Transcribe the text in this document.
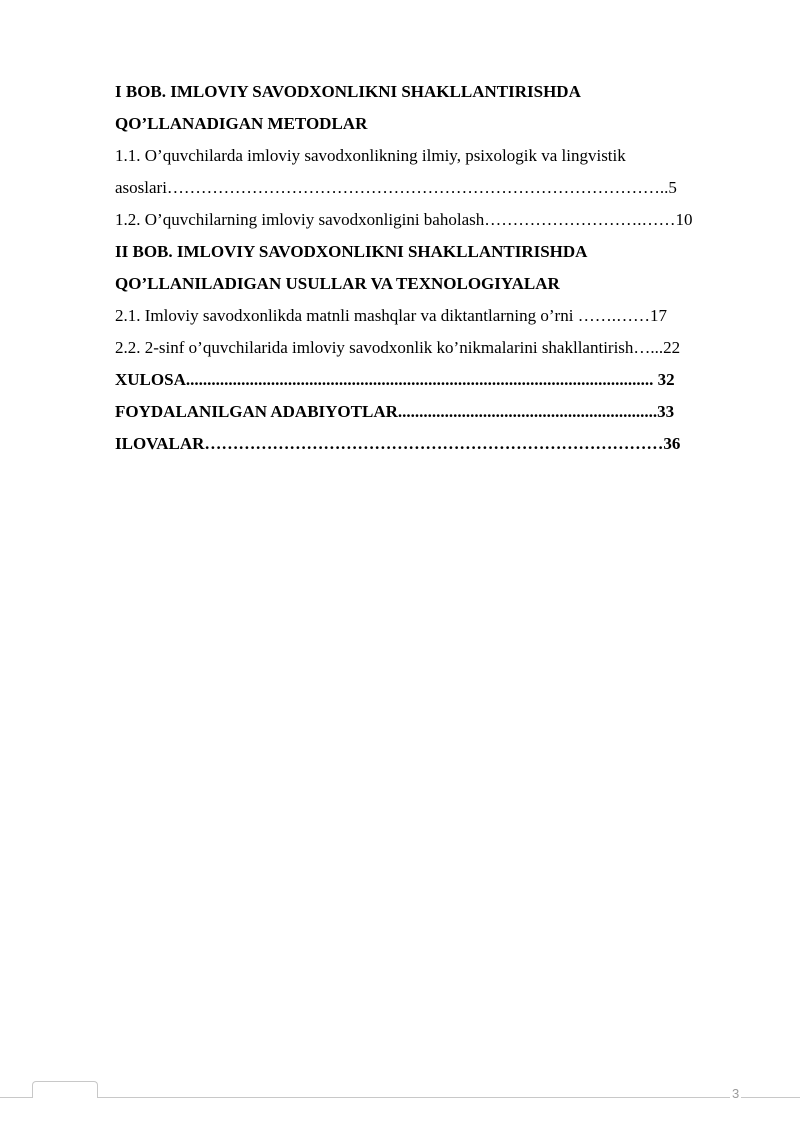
I BOB. IMLOVIY SAVODXONLIKNI SHAKLLANTIRISHDA
QO’LLANADIGAN METODLAR
1.1. O’quvchilarda imloviy savodxonlikning ilmiy, psixologik va lingvistik
asoslari……………………………………………………………………………..5
1.2. O’quvchilarning imloviy savodxonligini baholash……………………….……10
II BOB. IMLOVIY SAVODXONLIKNI SHAKLLANTIRISHDA
QO’LLANILADIGAN USULLAR VA TEXNOLOGIYALAR
2.1. Imloviy savodxonlikda matnli mashqlar va diktantlarning o’rni …….……17
2.2. 2-sinf o’quvchilarida imloviy savodxonlik ko’nikmalarini shakllantirish…...22
XULOSA.............................................................................................................. 32
FOYDALANILGAN ADABIYOTLAR.............................................................33
ILOVALAR………………………………………………………………………36
3
